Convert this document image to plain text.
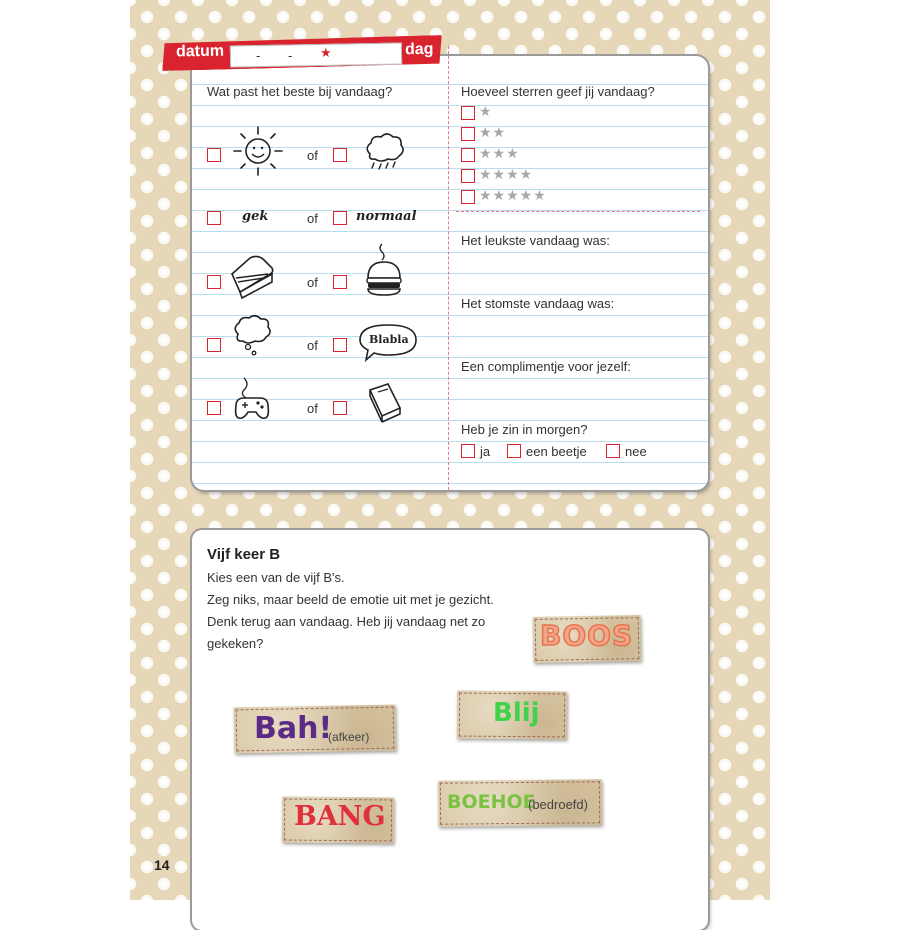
datum - - ★	dag
Wat past het beste bij vandaag?
of
gek	of	normaal
of
of	Blabla
of
Hoeveel sterren geef jij vandaag?
★
★★
★★★
★★★★
★★★★★
Het leukste vandaag was:
Het stomste vandaag was:
Een complimentje voor jezelf:
Heb je zin in morgen?
ja	een beetje	nee
Vijf keer B
Kies een van de vijf B's.
Zeg niks, maar beeld de emotie uit met je gezicht.
Denk terug aan vandaag. Heb jij vandaag net zo
gekeken?	BOOS
Bah!
(afkeer)
Blij
BOEHOE
(bedroefd)
BANG
14
